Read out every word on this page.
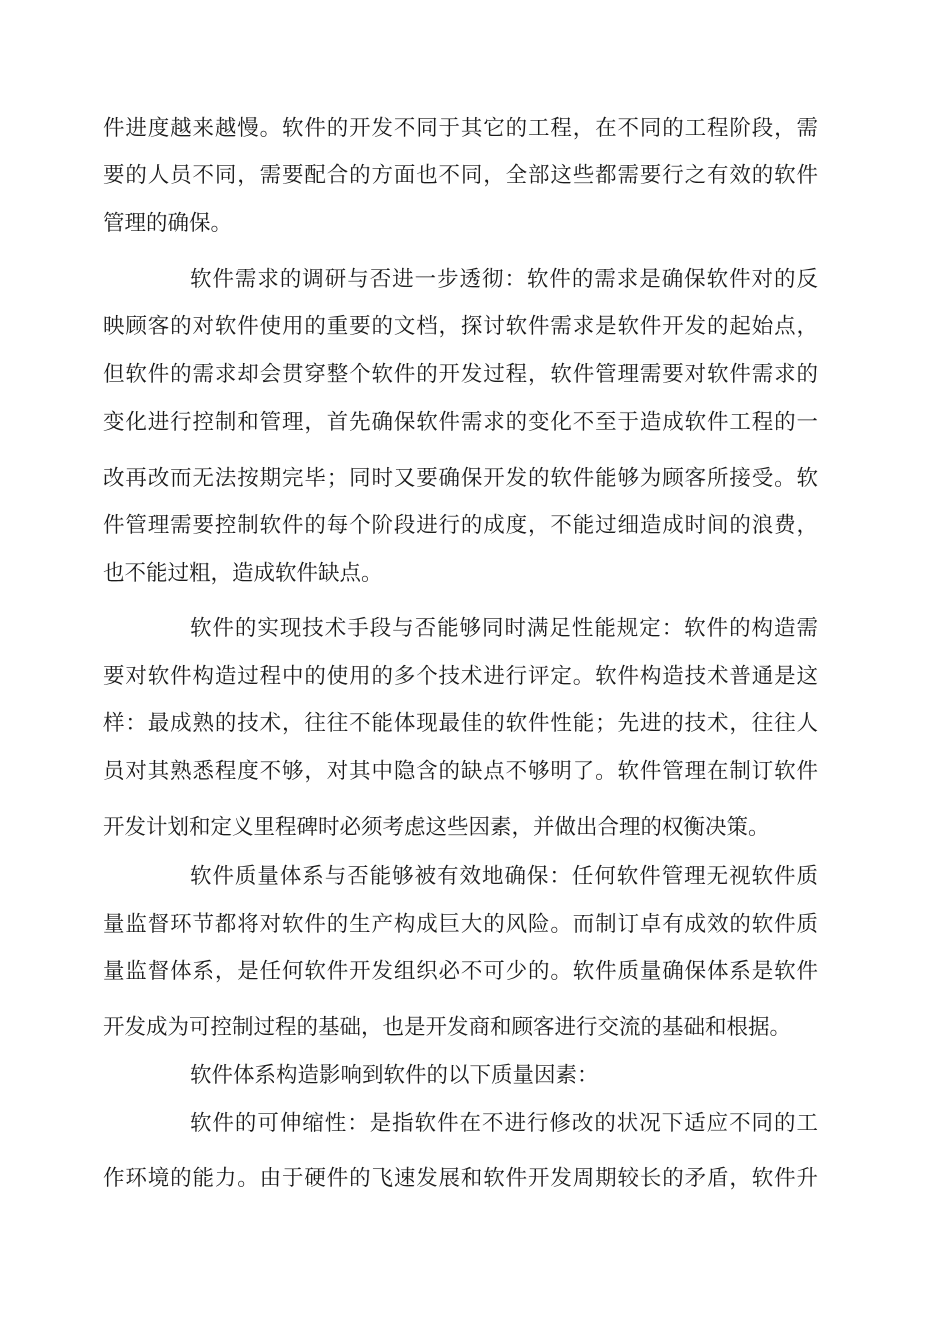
件进度越来越慢。软件的开发不同于其它的工程，在不同的工程阶段，需
要的人员不同，需要配合的方面也不同，全部这些都需要行之有效的软件
管理的确保。
软件需求的调研与否进一步透彻：软件的需求是确保软件对的反
映顾客的对软件使用的重要的文档，探讨软件需求是软件开发的起始点，
但软件的需求却会贯穿整个软件的开发过程，软件管理需要对软件需求的
变化进行控制和管理，首先确保软件需求的变化不至于造成软件工程的一
改再改而无法按期完毕；同时又要确保开发的软件能够为顾客所接受。软
件管理需要控制软件的每个阶段进行的成度，不能过细造成时间的浪费，
也不能过粗，造成软件缺点。
软件的实现技术手段与否能够同时满足性能规定：软件的构造需
要对软件构造过程中的使用的多个技术进行评定。软件构造技术普通是这
样：最成熟的技术，往往不能体现最佳的软件性能；先进的技术，往往人
员对其熟悉程度不够，对其中隐含的缺点不够明了。软件管理在制订软件
开发计划和定义里程碑时必须考虑这些因素，并做出合理的权衡决策。
软件质量体系与否能够被有效地确保：任何软件管理无视软件质
量监督环节都将对软件的生产构成巨大的风险。而制订卓有成效的软件质
量监督体系，是任何软件开发组织必不可少的。软件质量确保体系是软件
开发成为可控制过程的基础，也是开发商和顾客进行交流的基础和根据。
软件体系构造影响到软件的以下质量因素：
软件的可伸缩性：是指软件在不进行修改的状况下适应不同的工
作环境的能力。由于硬件的飞速发展和软件开发周期较长的矛盾，软件升
